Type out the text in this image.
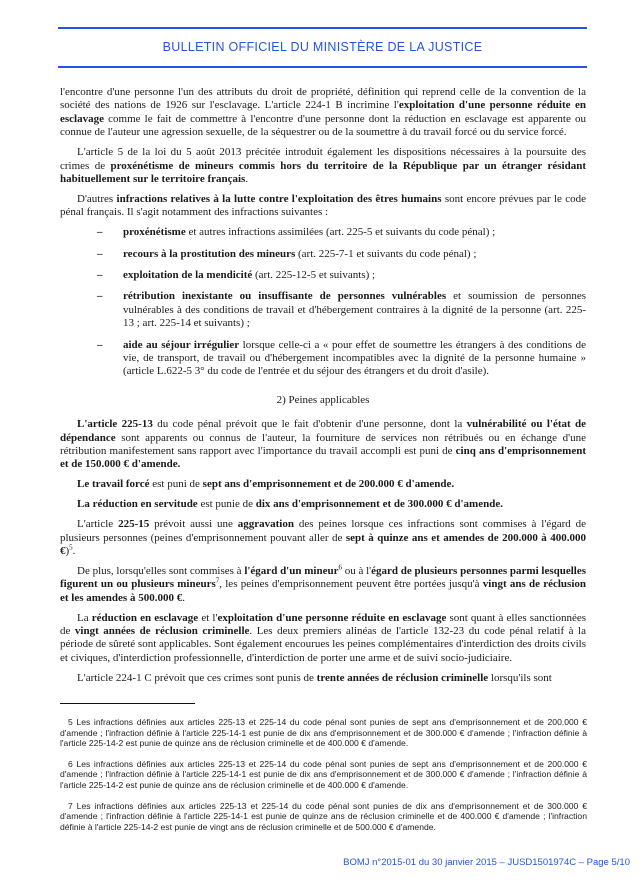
BULLETIN OFFICIEL DU MINISTÈRE DE LA JUSTICE

l'encontre d'une personne l'un des attributs du droit de propriété, définition qui reprend celle de la convention de la société des nations de 1926 sur l'esclavage. L'article 224-1 B incrimine l'exploitation d'une personne réduite en esclavage comme le fait de commettre à l'encontre d'une personne dont la réduction en esclavage est apparente ou connue de l'auteur une agression sexuelle, de la séquestrer ou de la soumettre à du travail forcé ou du service forcé.

L'article 5 de la loi du 5 août 2013 précitée introduit également les dispositions nécessaires à la poursuite des crimes de proxénétisme de mineurs commis hors du territoire de la République par un étranger résidant habituellement sur le territoire français.

D'autres infractions relatives à la lutte contre l'exploitation des êtres humains sont encore prévues par le code pénal français. Il s'agit notamment des infractions suivantes :

– proxénétisme et autres infractions assimilées (art. 225-5 et suivants du code pénal) ;
– recours à la prostitution des mineurs (art. 225-7-1 et suivants du code pénal) ;
– exploitation de la mendicité (art. 225-12-5 et suivants) ;
– rétribution inexistante ou insuffisante de personnes vulnérables et soumission de personnes vulnérables à des conditions de travail et d'hébergement contraires à la dignité de la personne (art. 225-13 ; art. 225-14 et suivants) ;
– aide au séjour irrégulier lorsque celle-ci a « pour effet de soumettre les étrangers à des conditions de vie, de transport, de travail ou d'hébergement incompatibles avec la dignité de la personne humaine » (article L.622-5 3° du code de l'entrée et du séjour des étrangers et du droit d'asile).
2) Peines applicables

L'article 225-13 du code pénal prévoit que le fait d'obtenir d'une personne, dont la vulnérabilité ou l'état de dépendance sont apparents ou connus de l'auteur, la fourniture de services non rétribués ou en échange d'une rétribution manifestement sans rapport avec l'importance du travail accompli est puni de cinq ans d'emprisonnement et de 150.000 € d'amende.

Le travail forcé est puni de sept ans d'emprisonnement et de 200.000 € d'amende.

La réduction en servitude est punie de dix ans d'emprisonnement et de 300.000 € d'amende.

L'article 225-15 prévoit aussi une aggravation des peines lorsque ces infractions sont commises à l'égard de plusieurs personnes (peines d'emprisonnement pouvant aller de sept à quinze ans et amendes de 200.000 à 400.000 €)$^5$.

De plus, lorsqu'elles sont commises à l'égard d'un mineur$^6$ ou à l'égard de plusieurs personnes parmi lesquelles figurent un ou plusieurs mineurs$^7$, les peines d'emprisonnement peuvent être portées jusqu'à vingt ans de réclusion et les amendes à 500.000 €.

La réduction en esclavage et l'exploitation d'une personne réduite en esclavage sont quant à elles sanctionnées de vingt années de réclusion criminelle. Les deux premiers alinéas de l'article 132-23 du code pénal relatif à la période de sûreté sont applicables. Sont également encourues les peines complémentaires d'interdiction des droits civils et civiques, d'interdiction professionnelle, d'interdiction de porter une arme et de suivi socio-judiciaire.

L'article 224-1 C prévoit que ces crimes sont punis de trente années de réclusion criminelle lorsqu'ils sont

5 Les infractions définies aux articles 225-13 et 225-14 du code pénal sont punies de sept ans d'emprisonnement et de 200.000 € d'amende ; l'infraction définie à l'article 225-14-1 est punie de dix ans d'emprisonnement et de 300.000 € d'amende ; l'infraction définie à l'article 225-14-2 est punie de quinze ans de réclusion criminelle et de 400.000 € d'amende.

6 Les infractions définies aux articles 225-13 et 225-14 du code pénal sont punies de sept ans d'emprisonnement et de 200.000 € d'amende ; l'infraction définie à l'article 225-14-1 est punie de dix ans d'emprisonnement et de 300.000 € d'amende ; l'infraction définie à l'article 225-14-2 est punie de quinze ans de réclusion criminelle et de 400.000 € d'amende.

7 Les infractions définies aux articles 225-13 et 225-14 du code pénal sont punies de dix ans d'emprisonnement et de 300.000 € d'amende ; l'infraction définie à l'article 225-14-1 est punie de quinze ans de réclusion criminelle et de 400.000 € d'amende ; l'infraction définie à l'article 225-14-2 est punie de vingt ans de réclusion criminelle et de 500.000 € d'amende.

BOMJ n°2015-01 du 30 janvier 2015 – JUSD1501974C – Page 5/10
